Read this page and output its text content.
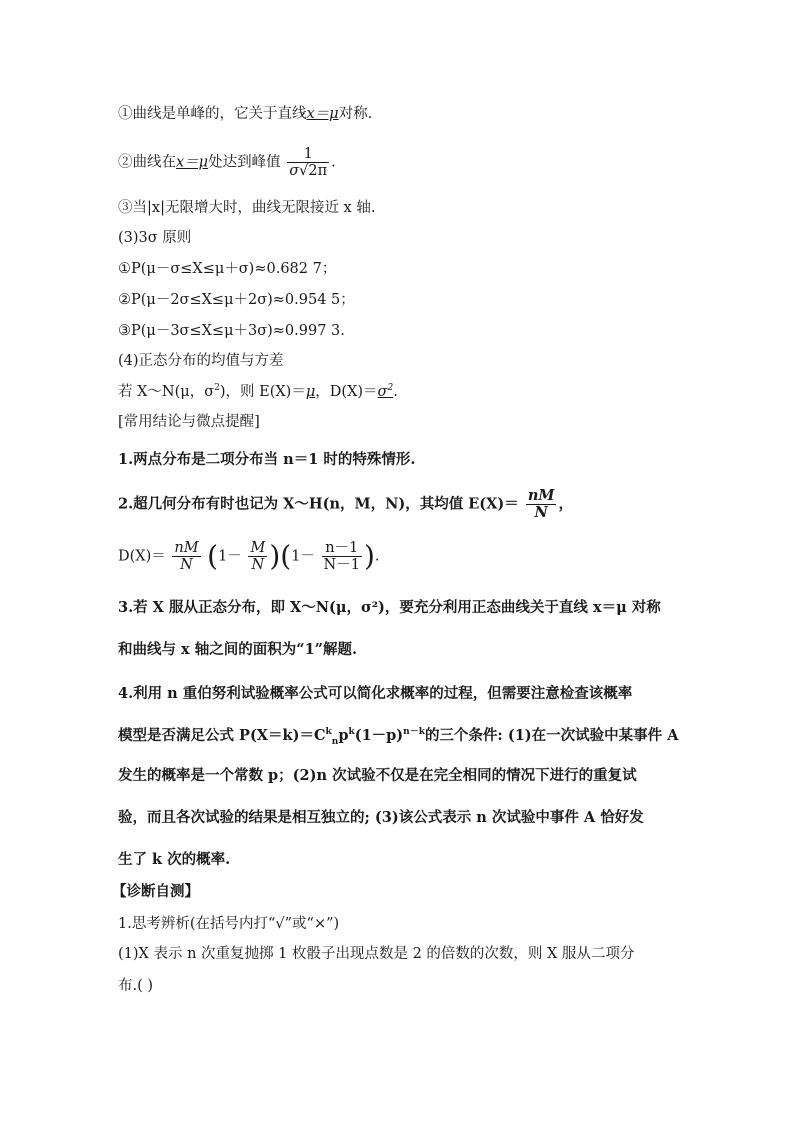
①曲线是单峰的，它关于直线x＝μ对称.
②曲线在x＝μ处达到峰值 $\frac{1}{\sigma√2\pi}$ .
③当|x|无限增大时，曲线无限接近 x 轴.
(3)3σ 原则
①P(μ－σ≤X≤μ＋σ)≈0.682 7；
②P(μ－2σ≤X≤μ＋2σ)≈0.954 5；
③P(μ－3σ≤X≤μ＋3σ)≈0.997 3.
(4)正态分布的均值与方差
若 X～N(μ，$\sigma^2$)，则 E(X)＝μ，$D(X)=\sigma^2$.
[常用结论与微点提醒]
1.两点分布是二项分布当 n＝1 时的特殊情形.
2.超几何分布有时也记为 X～H(n，M，N)，其均值 $E(X)= \frac{nM}{N}$ ，
$D(X)= \frac{nM}{N} (1- \frac{M}{N} )(1- \frac{n-1}{N-1}$ ).
3.若 X 服从正态分布，即 X～N(μ，σ²)，要充分利用正态曲线关于直线 x＝μ 对称
和曲线与 x 轴之间的面积为“1”解题.
4.利用 n 重伯努利试验概率公式可以简化求概率的过程，但需要注意检查该概率
模型是否满足公式 $P(X=k)=C^k_np^k(1-p)^{n-k}$的三个条件: (1)在一次试验中某事件 A
发生的概率是一个常数 p；(2)n 次试验不仅是在完全相同的情况下进行的重复试
验，而且各次试验的结果是相互独立的; (3)该公式表示 n 次试验中事件 A 恰好发
生了 k 次的概率.
【诊断自测】
1.思考辨析(在括号内打“√”或“×”)
(1)X 表示 n 次重复抛掷 1 枚骰子出现点数是 2 的倍数的次数，则 X 服从二项分
布.( )
